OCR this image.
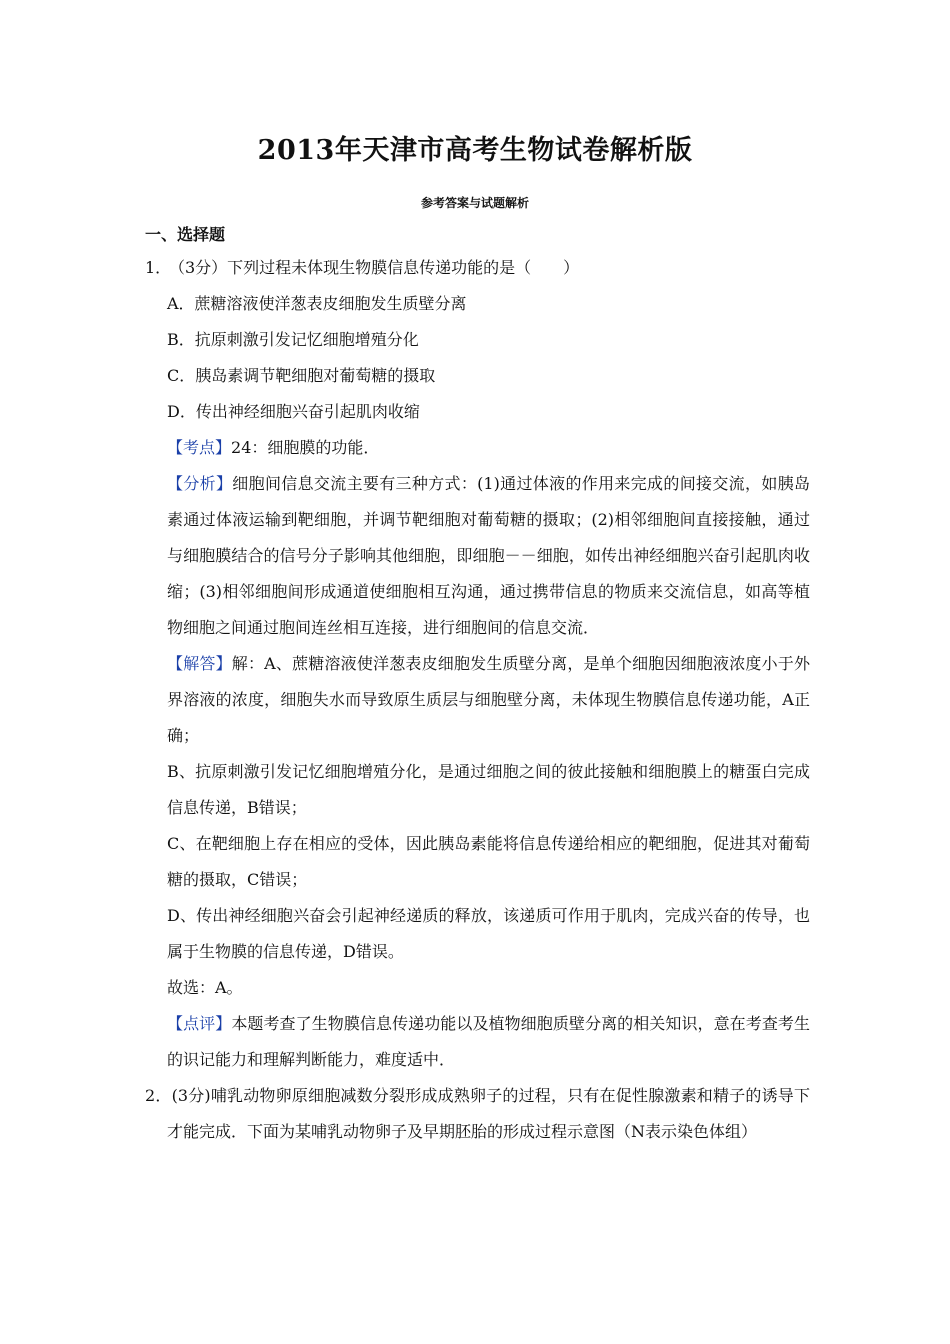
2013年天津市高考生物试卷解析版
参考答案与试题解析
一、选择题

1．（3分）下列过程未体现生物膜信息传递功能的是（　　）

A．蔗糖溶液使洋葱表皮细胞发生质壁分离

B．抗原刺激引发记忆细胞增殖分化

C．胰岛素调节靶细胞对葡萄糖的摄取

D．传出神经细胞兴奋引起肌肉收缩

【考点】24：细胞膜的功能．

【分析】细胞间信息交流主要有三种方式：(1)通过体液的作用来完成的间接交流，如胰岛素通过体液运输到靶细胞，并调节靶细胞对葡萄糖的摄取；(2)相邻细胞间直接接触，通过与细胞膜结合的信号分子影响其他细胞，即细胞－－细胞，如传出神经细胞兴奋引起肌肉收缩；(3)相邻细胞间形成通道使细胞相互沟通，通过携带信息的物质来交流信息，如高等植物细胞之间通过胞间连丝相互连接，进行细胞间的信息交流．

【解答】解：A、蔗糖溶液使洋葱表皮细胞发生质壁分离，是单个细胞因细胞液浓度小于外界溶液的浓度，细胞失水而导致原生质层与细胞壁分离，未体现生物膜信息传递功能，A正确；

B、抗原刺激引发记忆细胞增殖分化，是通过细胞之间的彼此接触和细胞膜上的糖蛋白完成信息传递，B错误；

C、在靶细胞上存在相应的受体，因此胰岛素能将信息传递给相应的靶细胞，促进其对葡萄糖的摄取，C错误；

D、传出神经细胞兴奋会引起神经递质的释放，该递质可作用于肌肉，完成兴奋的传导，也属于生物膜的信息传递，D错误。

故选：A。

【点评】本题考查了生物膜信息传递功能以及植物细胞质壁分离的相关知识，意在考查考生的识记能力和理解判断能力，难度适中．

2．(3分)哺乳动物卵原细胞减数分裂形成成熟卵子的过程，只有在促性腺激素和精子的诱导下才能完成．下面为某哺乳动物卵子及早期胚胎的形成过程示意图（N表示染色体组）
